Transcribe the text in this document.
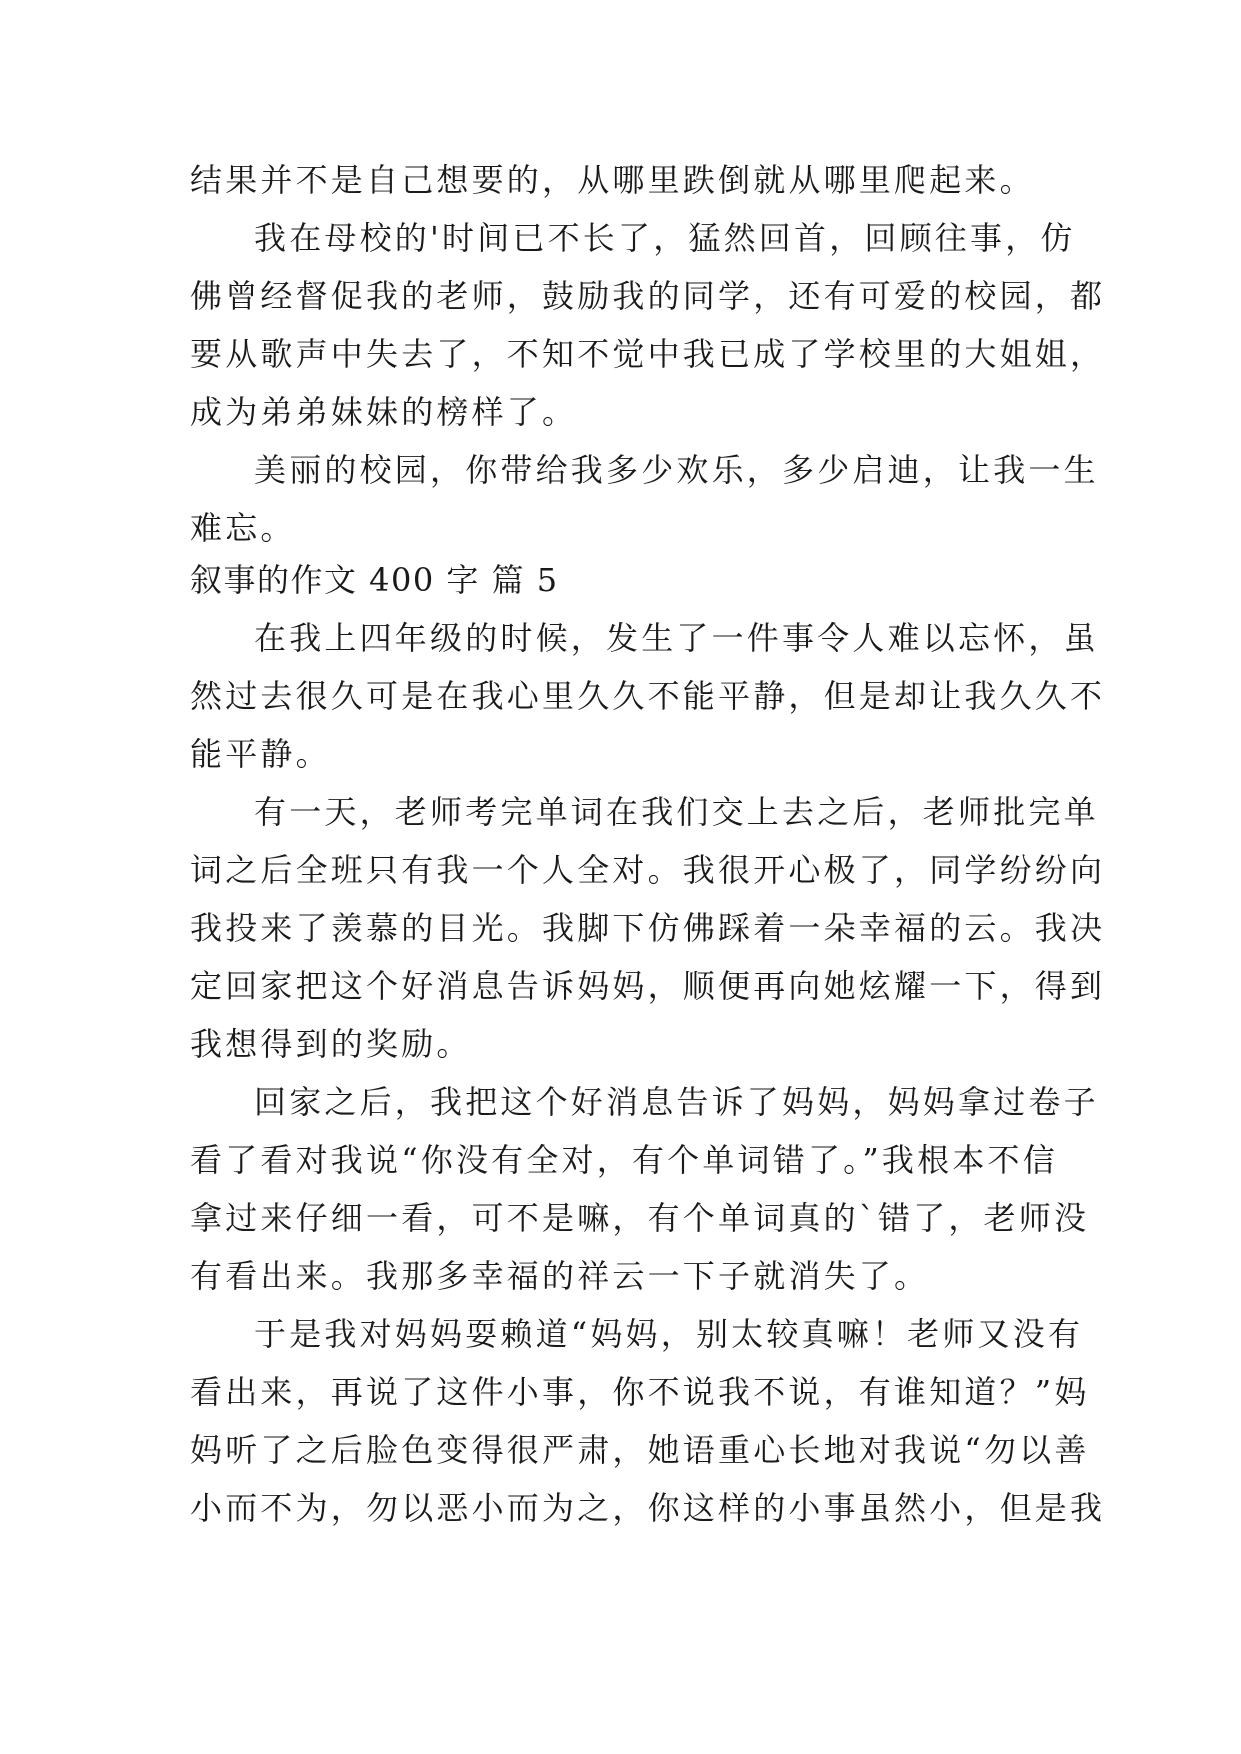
结果并不是自己想要的，从哪里跌倒就从哪里爬起来。
我在母校的'时间已不长了，猛然回首，回顾往事，仿
佛曾经督促我的老师，鼓励我的同学，还有可爱的校园，都
要从歌声中失去了，不知不觉中我已成了学校里的大姐姐，
成为弟弟妹妹的榜样了。
美丽的校园，你带给我多少欢乐，多少启迪，让我一生
难忘。
叙事的作文 400 字 篇 5
在我上四年级的时候，发生了一件事令人难以忘怀，虽
然过去很久可是在我心里久久不能平静，但是却让我久久不
能平静。
有一天，老师考完单词在我们交上去之后，老师批完单
词之后全班只有我一个人全对。我很开心极了，同学纷纷向
我投来了羡慕的目光。我脚下仿佛踩着一朵幸福的云。我决
定回家把这个好消息告诉妈妈，顺便再向她炫耀一下，得到
我想得到的奖励。
回家之后，我把这个好消息告诉了妈妈，妈妈拿过卷子
看了看对我说“你没有全对，有个单词错了。”我根本不信
拿过来仔细一看，可不是嘛，有个单词真的`错了，老师没
有看出来。我那多幸福的祥云一下子就消失了。
于是我对妈妈耍赖道“妈妈，别太较真嘛！老师又没有
看出来，再说了这件小事，你不说我不说，有谁知道？”妈
妈听了之后脸色变得很严肃，她语重心长地对我说“勿以善
小而不为，勿以恶小而为之，你这样的小事虽然小，但是我
